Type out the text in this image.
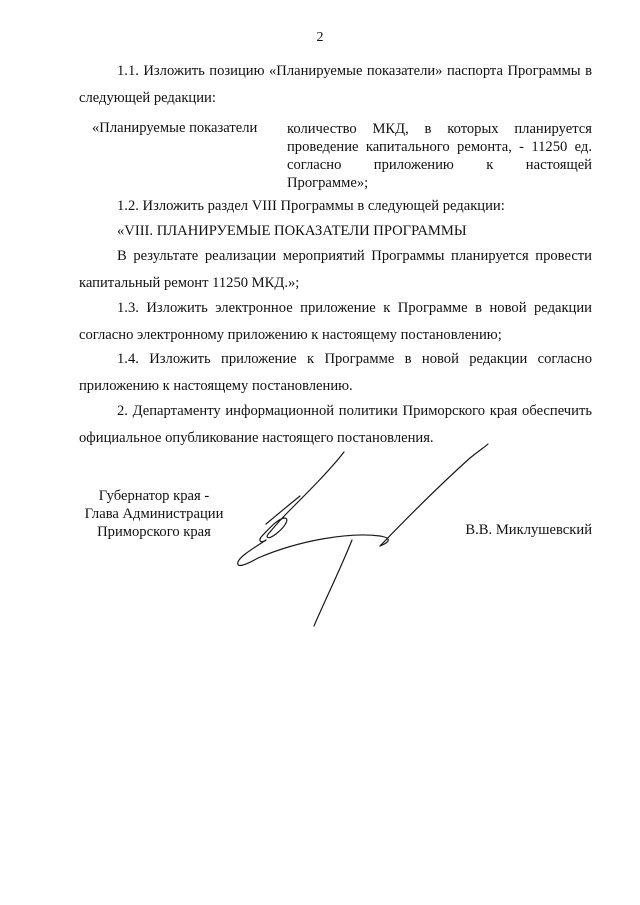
2
1.1. Изложить позицию «Планируемые показатели» паспорта Программы в следующей редакции:
«Планируемые показатели	количество МКД, в которых планируется
проведение капитального ремонта, - 11250 ед.
согласно приложению к настоящей
Программе»;
1.2. Изложить раздел VIII Программы в следующей редакции:
«VIII. ПЛАНИРУЕМЫЕ ПОКАЗАТЕЛИ ПРОГРАММЫ
В результате реализации мероприятий Программы планируется провести капитальный ремонт 11250 МКД.»;
1.3. Изложить электронное приложение к Программе в новой редакции согласно электронному приложению к настоящему постановлению;
1.4. Изложить приложение к Программе в новой редакции согласно приложению к настоящему постановлению.
2. Департаменту информационной политики Приморского края обеспечить официальное опубликование настоящего постановления.
Губернатор края -
Глава Администрации
Приморского края	В.В. Миклушевский
